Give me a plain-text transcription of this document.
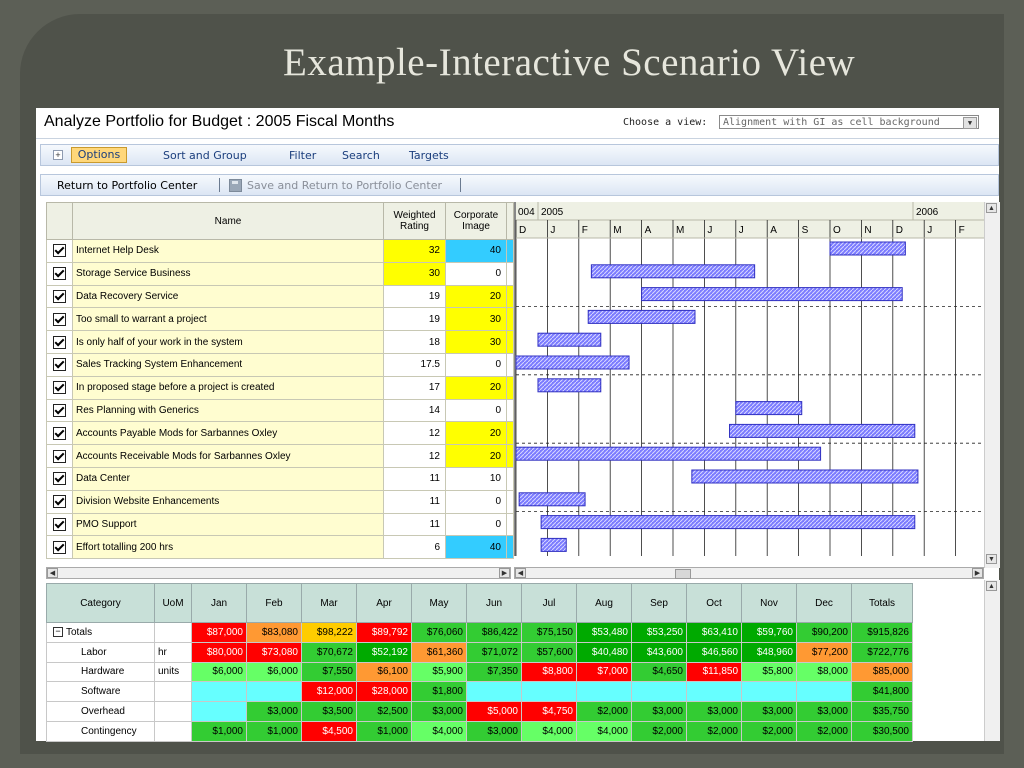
Example-Interactive Scenario View
Analyze Portfolio for Budget : 2005 Fiscal Months	Choose a view:	Alignment with GI as cell background	▼
+	Options	Sort and Group	Filter Search	Targets
Return to Portfolio Center	Save and Return to Portfolio Center
	Name	Weighted Rating	Corporate Image	
	Internet Help Desk	32	40	
	Storage Service Business	30	0	
	Data Recovery Service	19	20	
	Too small to warrant a project	19	30	
	Is only half of your work in the system	18	30	
	Sales Tracking System Enhancement	17.5	0	
	In proposed stage before a project is created	17	20	
	Res Planning with Generics	14	0	
	Accounts Payable Mods for Sarbannes Oxley	12	20	
	Accounts Receivable Mods for Sarbannes Oxley	12	20	
	Data Center	11	10	
	Division Website Enhancements	11	0	
	PMO Support	11	0	
	Effort totalling 200 hrs	6	40	
004 2005	2006
D J	F	M A M J	J	A S O N D J	F
▲
▼
◀	▶	◀	▶
Category	UoM	Jan	Feb	Mar	Apr	May	Jun	Jul	Aug	Sep	Oct	Nov	Dec	Totals
− Totals		$87,000	$83,080	$98,222	$89,792	$76,060	$86,422	$75,150	$53,480	$53,250	$63,410	$59,760	$90,200	$915,826
Labor	hr	$80,000	$73,080	$70,672	$52,192	$61,360	$71,072	$57,600	$40,480	$43,600	$46,560	$48,960	$77,200	$722,776
Hardware	units	$6,000	$6,000	$7,550	$6,100	$5,900	$7,350	$8,800	$7,000	$4,650	$11,850	$5,800	$8,000	$85,000
Software				$12,000	$28,000	$1,800								$41,800
Overhead			$3,000	$3,500	$2,500	$3,000	$5,000	$4,750	$2,000	$3,000	$3,000	$3,000	$3,000	$35,750
Contingency		$1,000	$1,000	$4,500	$1,000	$4,000	$3,000	$4,000	$4,000	$2,000	$2,000	$2,000	$2,000	$30,500
▲
